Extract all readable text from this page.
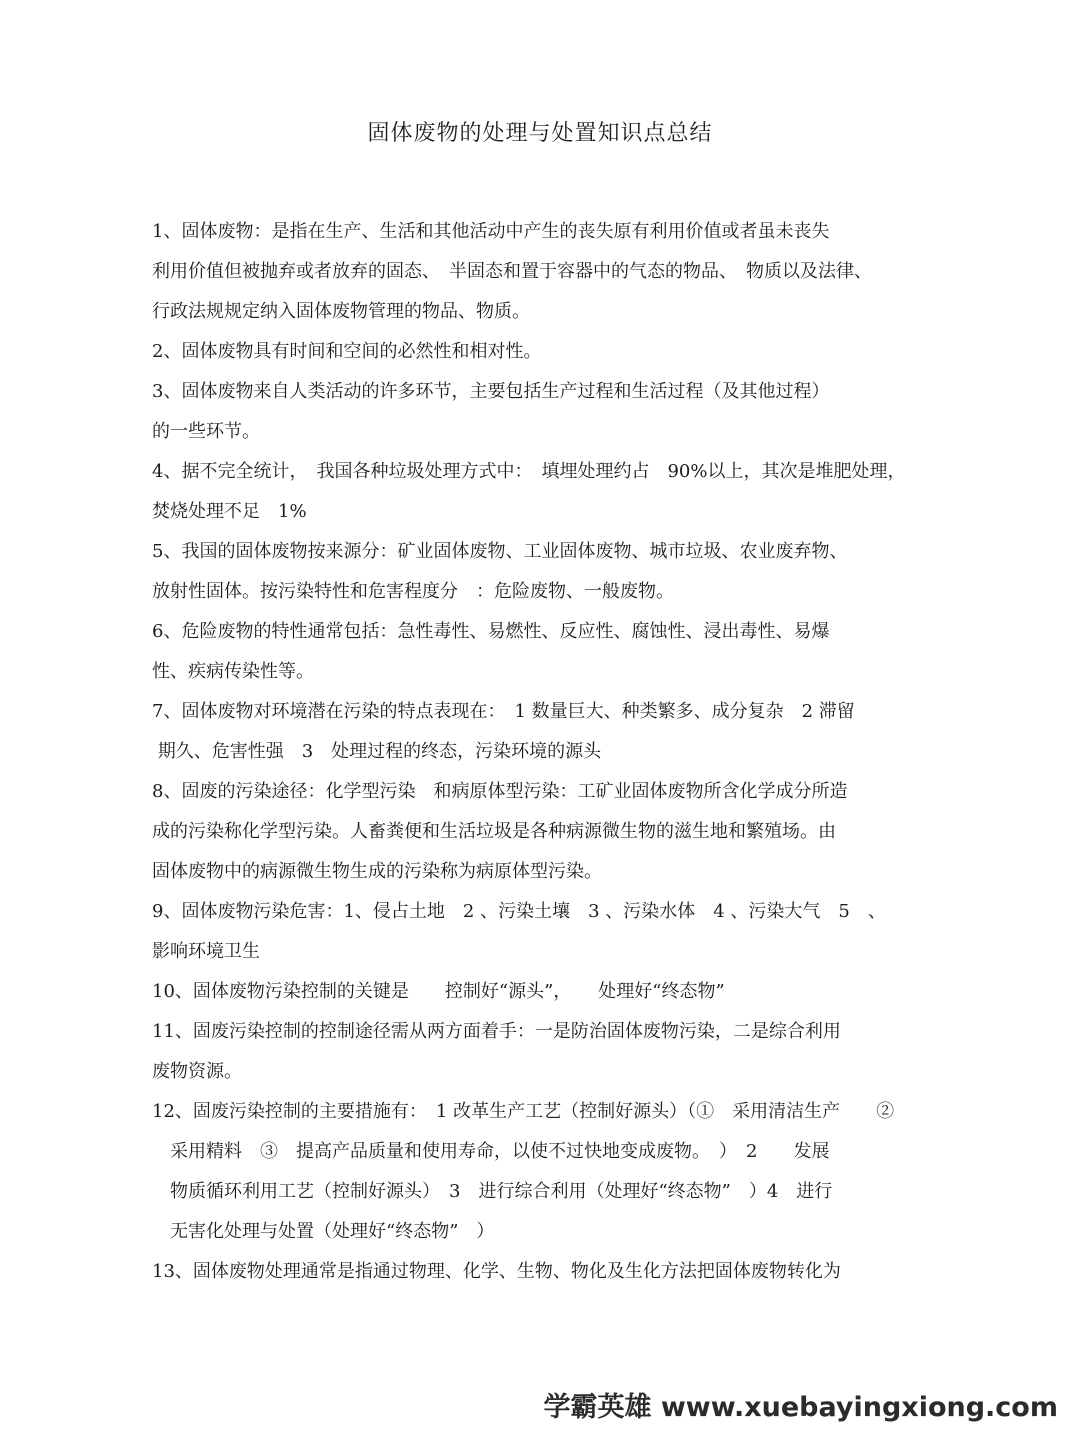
固体废物的处理与处置知识点总结
1、固体废物：是指在生产、生活和其他活动中产生的丧失原有利用价值或者虽未丧失
利用价值但被抛弃或者放弃的固态、　半固态和置于容器中的气态的物品、　物质以及法律、
行政法规规定纳入固体废物管理的物品、物质。
2、固体废物具有时间和空间的必然性和相对性。
3、固体废物来自人类活动的许多环节，主要包括生产过程和生活过程（及其他过程）
的一些环节。
4、据不完全统计，　我国各种垃圾处理方式中：　填埋处理约占　90%以上，其次是堆肥处理，
焚烧处理不足　1%
5、我国的固体废物按来源分：矿业固体废物、工业固体废物、城市垃圾、农业废弃物、
放射性固体。按污染特性和危害程度分　：危险废物、一般废物。
6、危险废物的特性通常包括：急性毒性、易燃性、反应性、腐蚀性、浸出毒性、易爆
性、疾病传染性等。
7、固体废物对环境潜在污染的特点表现在：　1 数量巨大、种类繁多、成分复杂　2 滞留
期久、危害性强　3　处理过程的终态，污染环境的源头
8、固废的污染途径：化学型污染　和病原体型污染：工矿业固体废物所含化学成分所造
成的污染称化学型污染。人畜粪便和生活垃圾是各种病源微生物的滋生地和繁殖场。由
固体废物中的病源微生物生成的污染称为病原体型污染。
9、固体废物污染危害：1、侵占土地　2 、污染土壤　3 、污染水体　4 、污染大气　5　、
影响环境卫生
10、固体废物污染控制的关键是　　控制好“源头”，　　处理好“终态物”
11、固废污染控制的控制途径需从两方面着手：一是防治固体废物污染，二是综合利用
废物资源。
12、固废污染控制的主要措施有：　1 改革生产工艺（控制好源头）（①　采用清洁生产　　②
　采用精料　③　提高产品质量和使用寿命，以使不过快地变成废物。　）　2　　发展
　物质循环利用工艺（控制好源头）　3　进行综合利用（处理好“终态物”　）4　进行
　无害化处理与处置（处理好“终态物”　）
13、固体废物处理通常是指通过物理、化学、生物、物化及生化方法把固体废物转化为
学霸英雄 www.xuebayingxiong.com
